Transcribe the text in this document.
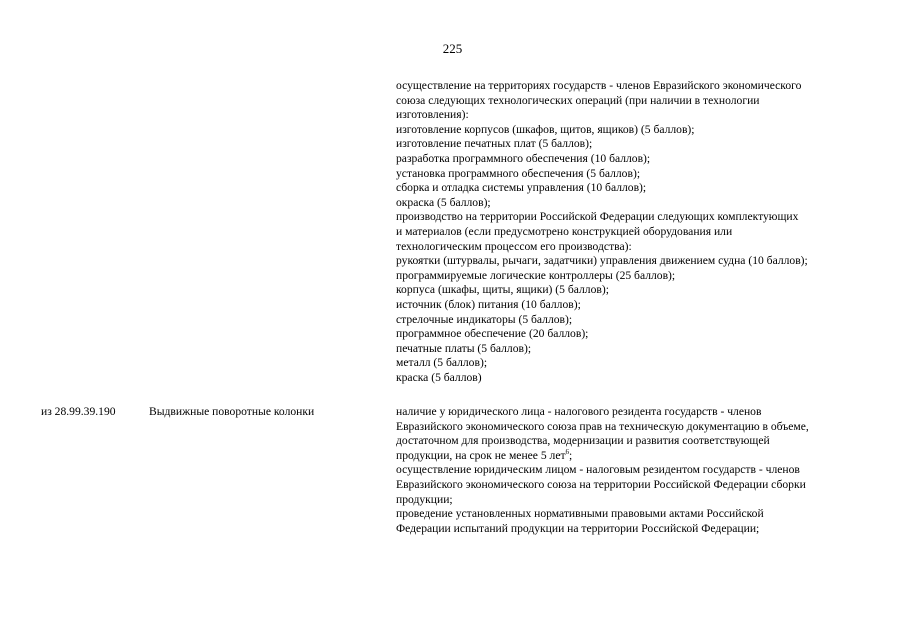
225
осуществление на территориях государств - членов Евразийского экономического
союза следующих технологических операций (при наличии в технологии
изготовления):
изготовление корпусов (шкафов, щитов, ящиков) (5 баллов);
изготовление печатных плат (5 баллов);
разработка программного обеспечения (10 баллов);
установка программного обеспечения (5 баллов);
сборка и отладка системы управления (10 баллов);
окраска (5 баллов);
производство на территории Российской Федерации следующих комплектующих
и материалов (если предусмотрено конструкцией оборудования или
технологическим процессом его производства):
рукоятки (штурвалы, рычаги, задатчики) управления движением судна (10 баллов);
программируемые логические контроллеры (25 баллов);
корпуса (шкафы, щиты, ящики) (5 баллов);
источник (блок) питания (10 баллов);
стрелочные индикаторы (5 баллов);
программное обеспечение (20 баллов);
печатные платы (5 баллов);
металл (5 баллов);
краска (5 баллов)
из 28.99.39.190	Выдвижные поворотные колонки	наличие у юридического лица - налогового резидента государств - членов
Евразийского экономического союза прав на техническую документацию в объеме,
достаточном для производства, модернизации и развития соответствующей
продукции, на срок не менее 5 лет$^6$;
осуществление юридическим лицом - налоговым резидентом государств - членов
Евразийского экономического союза на территории Российской Федерации сборки
продукции;
проведение установленных нормативными правовыми актами Российской
Федерации испытаний продукции на территории Российской Федерации;
